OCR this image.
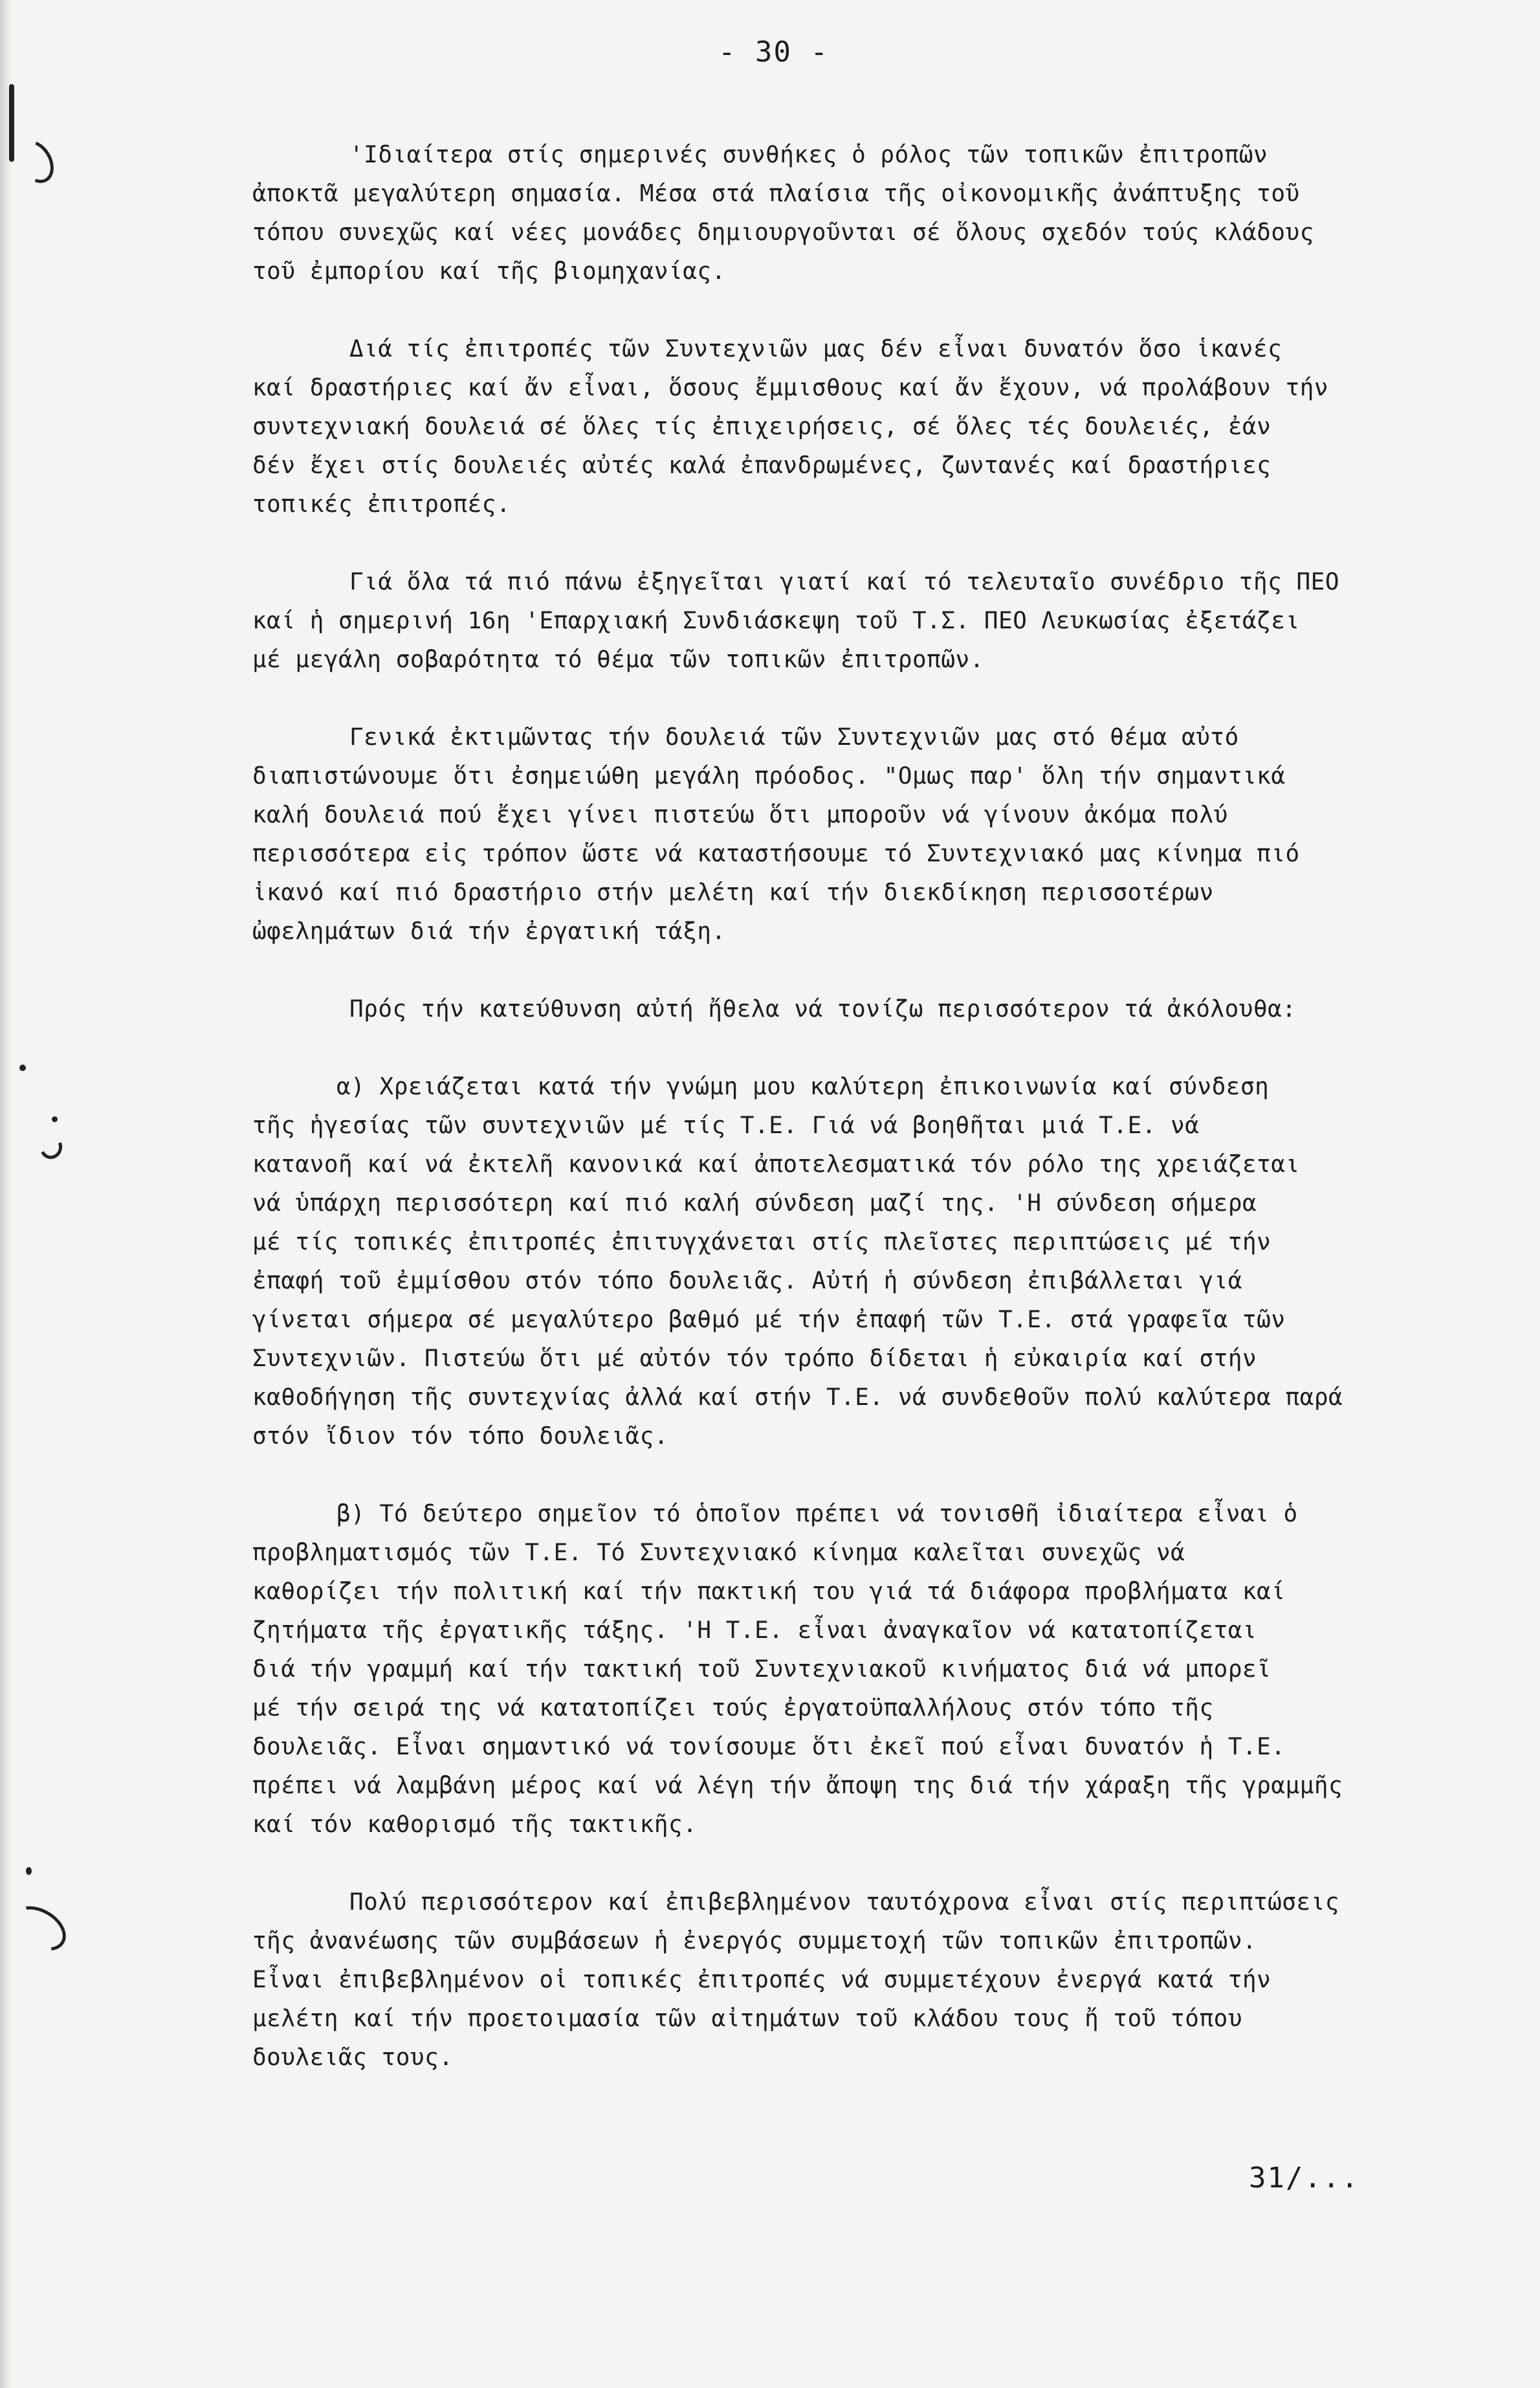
- 30 -
'Ιδιαίτερα στίς σημερινές συνθήκες ὁ ρόλος τῶν τοπικῶν ἐπιτροπῶν
ἀποκτᾶ μεγαλύτερη σημασία. Μέσα στά πλαίσια τῆς οἰκονομικῆς ἀνάπτυξης τοῦ
τόπου συνεχῶς καί νέες μονάδες δημιουργοῦνται σέ ὅλους σχεδόν τούς κλάδους
τοῦ ἐμπορίου καί τῆς βιομηχανίας.
Διά τίς ἐπιτροπές τῶν Συντεχνιῶν μας δέν εἶναι δυνατόν ὅσο ἱκανές
καί δραστήριες καί ἄν εἶναι, ὅσους ἔμμισθους καί ἄν ἔχουν, νά προλάβουν τήν
συντεχνιακή δουλειά σέ ὅλες τίς ἐπιχειρήσεις, σέ ὅλες τές δουλειές, ἐάν
δέν ἔχει στίς δουλειές αὐτές καλά ἐπανδρωμένες, ζωντανές καί δραστήριες
τοπικές ἐπιτροπές.
Γιά ὅλα τά πιό πάνω ἐξηγεῖται γιατί καί τό τελευταῖο συνέδριο τῆς ΠΕΟ
καί ἡ σημερινή 16η 'Επαρχιακή Συνδιάσκεψη τοῦ Τ.Σ. ΠΕΟ Λευκωσίας ἐξετάζει
μέ μεγάλη σοβαρότητα τό θέμα τῶν τοπικῶν ἐπιτροπῶν.
Γενικά ἐκτιμῶντας τήν δουλειά τῶν Συντεχνιῶν μας στό θέμα αὐτό
διαπιστώνουμε ὅτι ἐσημειώθη μεγάλη πρόοδος. "Ομως παρ' ὅλη τήν σημαντικά
καλή δουλειά πού ἔχει γίνει πιστεύω ὅτι μποροῦν νά γίνουν ἀκόμα πολύ
περισσότερα εἰς τρόπον ὥστε νά καταστήσουμε τό Συντεχνιακό μας κίνημα πιό
ἱκανό καί πιό δραστήριο στήν μελέτη καί τήν διεκδίκηση περισσοτέρων
ὠφελημάτων διά τήν ἐργατική τάξη.
Πρός τήν κατεύθυνση αὐτή ἤθελα νά τονίζω περισσότερον τά ἀκόλουθα:
α) Χρειάζεται κατά τήν γνώμη μου καλύτερη ἐπικοινωνία καί σύνδεση
τῆς ἡγεσίας τῶν συντεχνιῶν μέ τίς Τ.Ε. Γιά νά βοηθῆται μιά Τ.Ε. νά
κατανοῆ καί νά ἐκτελῆ κανονικά καί ἀποτελεσματικά τόν ρόλο της χρειάζεται
νά ὑπάρχη περισσότερη καί πιό καλή σύνδεση μαζί της. 'Η σύνδεση σήμερα
μέ τίς τοπικές ἐπιτροπές ἐπιτυγχάνεται στίς πλεῖστες περιπτώσεις μέ τήν
ἐπαφή τοῦ ἐμμίσθου στόν τόπο δουλειᾶς. Αὐτή ἡ σύνδεση ἐπιβάλλεται γιά
γίνεται σήμερα σέ μεγαλύτερο βαθμό μέ τήν ἐπαφή τῶν Τ.Ε. στά γραφεῖα τῶν
Συντεχνιῶν. Πιστεύω ὅτι μέ αὐτόν τόν τρόπο δίδεται ἡ εὐκαιρία καί στήν
καθοδήγηση τῆς συντεχνίας ἀλλά καί στήν Τ.Ε. νά συνδεθοῦν πολύ καλύτερα παρά
στόν ἴδιον τόν τόπο δουλειᾶς.
β) Τό δεύτερο σημεῖον τό ὁποῖον πρέπει νά τονισθῆ ἰδιαίτερα εἶναι ὁ
προβληματισμός τῶν Τ.Ε. Τό Συντεχνιακό κίνημα καλεῖται συνεχῶς νά
καθορίζει τήν πολιτική καί τήν πακτική του γιά τά διάφορα προβλήματα καί
ζητήματα τῆς ἐργατικῆς τάξης. 'Η Τ.Ε. εἶναι ἀναγκαῖον νά κατατοπίζεται
διά τήν γραμμή καί τήν τακτική τοῦ Συντεχνιακοῦ κινήματος διά νά μπορεῖ
μέ τήν σειρά της νά κατατοπίζει τούς ἐργατοϋπαλλήλους στόν τόπο τῆς
δουλειᾶς. Εἶναι σημαντικό νά τονίσουμε ὅτι ἐκεῖ πού εἶναι δυνατόν ἡ Τ.Ε.
πρέπει νά λαμβάνη μέρος καί νά λέγη τήν ἄποψη της διά τήν χάραξη τῆς γραμμῆς
καί τόν καθορισμό τῆς τακτικῆς.
Πολύ περισσότερον καί ἐπιβεβλημένον ταυτόχρονα εἶναι στίς περιπτώσεις
τῆς ἀνανέωσης τῶν συμβάσεων ἡ ἐνεργός συμμετοχή τῶν τοπικῶν ἐπιτροπῶν.
Εἶναι ἐπιβεβλημένον οἱ τοπικές ἐπιτροπές νά συμμετέχουν ἐνεργά κατά τήν
μελέτη καί τήν προετοιμασία τῶν αἰτημάτων τοῦ κλάδου τους ἤ τοῦ τόπου
δουλειᾶς τους.
31/...
